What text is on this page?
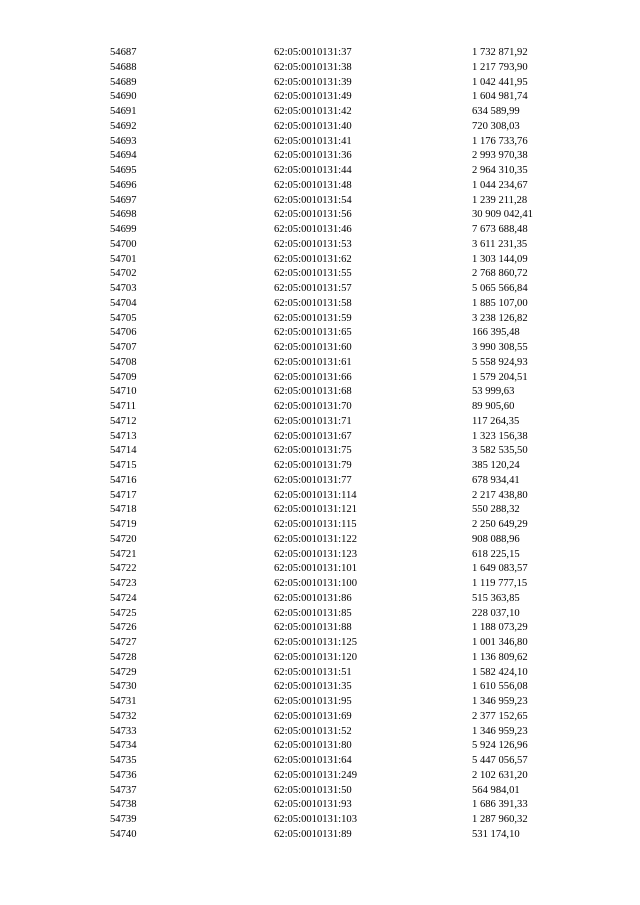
54687	62:05:0010131:37	1 732 871,92
54688	62:05:0010131:38	1 217 793,90
54689	62:05:0010131:39	1 042 441,95
54690	62:05:0010131:49	1 604 981,74
54691	62:05:0010131:42	634 589,99
54692	62:05:0010131:40	720 308,03
54693	62:05:0010131:41	1 176 733,76
54694	62:05:0010131:36	2 993 970,38
54695	62:05:0010131:44	2 964 310,35
54696	62:05:0010131:48	1 044 234,67
54697	62:05:0010131:54	1 239 211,28
54698	62:05:0010131:56	30 909 042,41
54699	62:05:0010131:46	7 673 688,48
54700	62:05:0010131:53	3 611 231,35
54701	62:05:0010131:62	1 303 144,09
54702	62:05:0010131:55	2 768 860,72
54703	62:05:0010131:57	5 065 566,84
54704	62:05:0010131:58	1 885 107,00
54705	62:05:0010131:59	3 238 126,82
54706	62:05:0010131:65	166 395,48
54707	62:05:0010131:60	3 990 308,55
54708	62:05:0010131:61	5 558 924,93
54709	62:05:0010131:66	1 579 204,51
54710	62:05:0010131:68	53 999,63
54711	62:05:0010131:70	89 905,60
54712	62:05:0010131:71	117 264,35
54713	62:05:0010131:67	1 323 156,38
54714	62:05:0010131:75	3 582 535,50
54715	62:05:0010131:79	385 120,24
54716	62:05:0010131:77	678 934,41
54717	62:05:0010131:114	2 217 438,80
54718	62:05:0010131:121	550 288,32
54719	62:05:0010131:115	2 250 649,29
54720	62:05:0010131:122	908 088,96
54721	62:05:0010131:123	618 225,15
54722	62:05:0010131:101	1 649 083,57
54723	62:05:0010131:100	1 119 777,15
54724	62:05:0010131:86	515 363,85
54725	62:05:0010131:85	228 037,10
54726	62:05:0010131:88	1 188 073,29
54727	62:05:0010131:125	1 001 346,80
54728	62:05:0010131:120	1 136 809,62
54729	62:05:0010131:51	1 582 424,10
54730	62:05:0010131:35	1 610 556,08
54731	62:05:0010131:95	1 346 959,23
54732	62:05:0010131:69	2 377 152,65
54733	62:05:0010131:52	1 346 959,23
54734	62:05:0010131:80	5 924 126,96
54735	62:05:0010131:64	5 447 056,57
54736	62:05:0010131:249	2 102 631,20
54737	62:05:0010131:50	564 984,01
54738	62:05:0010131:93	1 686 391,33
54739	62:05:0010131:103	1 287 960,32
54740	62:05:0010131:89	531 174,10
